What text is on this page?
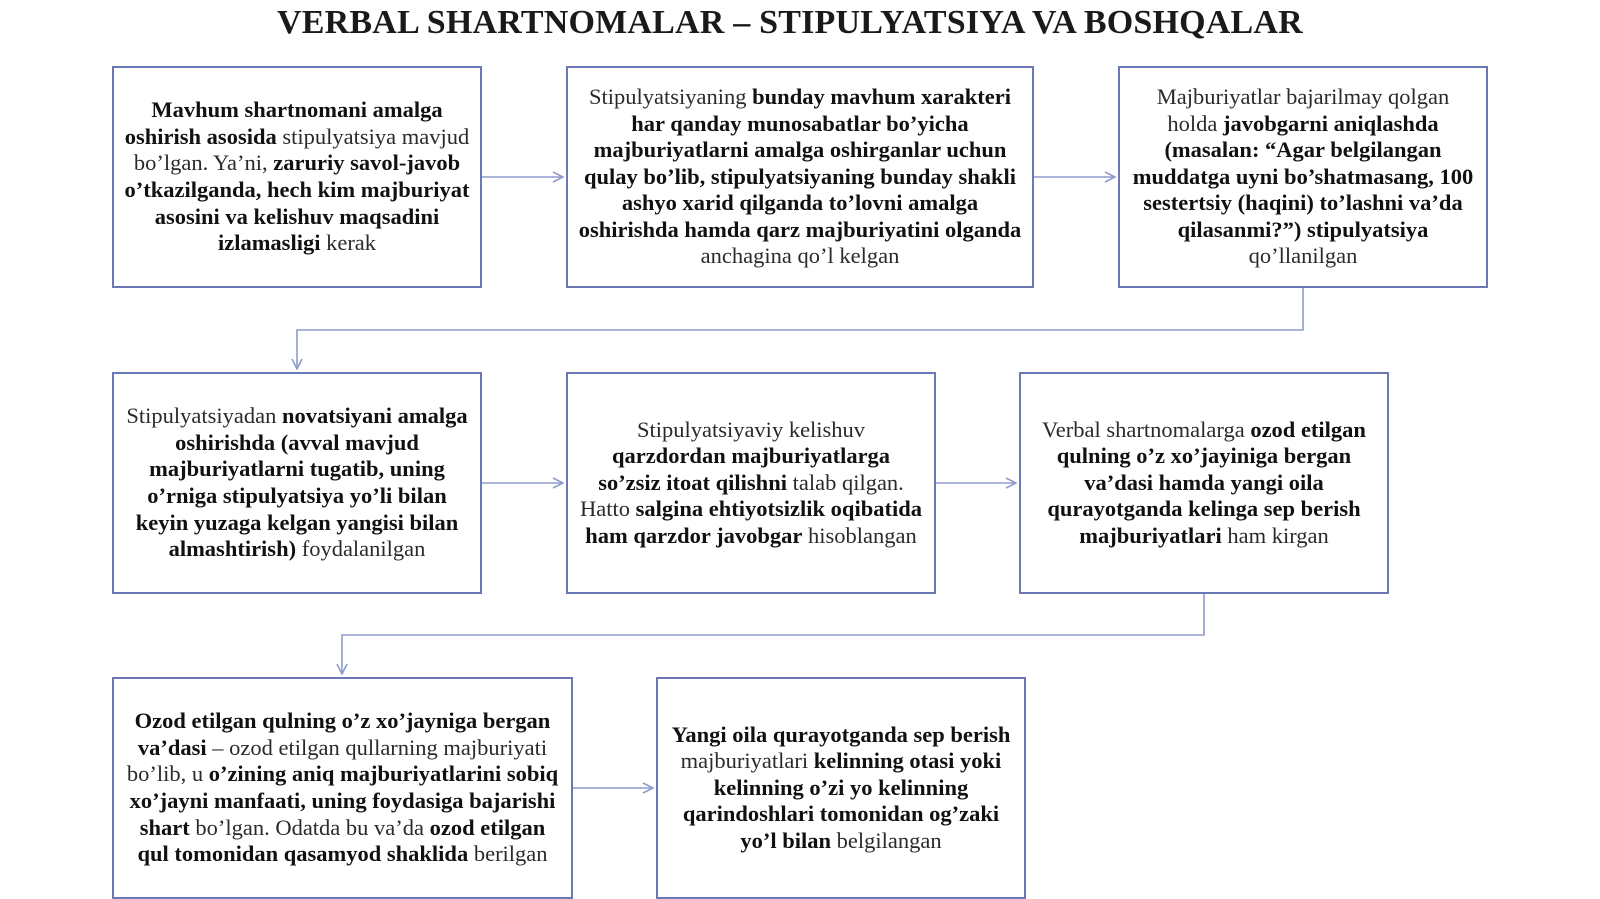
VERBAL SHARTNOMALAR – STIPULYATSIYA VA BOSHQALAR

Mavhum shartnomani amalga oshirish asosida stipulyatsiya mavjud bo’lgan. Ya’ni, zaruriy savol-javob o’tkazilganda, hech kim majburiyat asosini va kelishuv maqsadini izlamasligi kerak

Stipulyatsiyaning bunday mavhum xarakteri har qanday munosabatlar bo’yicha majburiyatlarni amalga oshirganlar uchun qulay bo’lib, stipulyatsiyaning bunday shakli ashyo xarid qilganda to’lovni amalga oshirishda hamda qarz majburiyatini olganda anchagina qo’l kelgan

Majburiyatlar bajarilmay qolgan holda javobgarni aniqlashda (masalan: “Agar belgilangan muddatga uyni bo’shatmasang, 100 sestertsiy (haqini) to’lashni va’da qilasanmi?”) stipulyatsiya qo’llanilgan

Stipulyatsiyadan novatsiyani amalga oshirishda (avval mavjud majburiyatlarni tugatib, uning o’rniga stipulyatsiya yo’li bilan keyin yuzaga kelgan yangisi bilan almashtirish) foydalanilgan

Stipulyatsiyaviy kelishuv qarzdordan majburiyatlarga so’zsiz itoat qilishni talab qilgan. Hatto salgina ehtiyotsizlik oqibatida ham qarzdor javobgar hisoblangan

Verbal shartnomalarga ozod etilgan qulning o’z xo’jayiniga bergan va’dasi hamda yangi oila qurayotganda kelinga sep berish majburiyatlari ham kirgan

Ozod etilgan qulning o’z xo’jayniga bergan va’dasi – ozod etilgan qullarning majburiyati bo’lib, u o’zining aniq majburiyatlarini sobiq xo’jayni manfaati, uning foydasiga bajarishi shart bo’lgan. Odatda bu va’da ozod etilgan qul tomonidan qasamyod shaklida berilgan

Yangi oila qurayotganda sep berish majburiyatlari kelinning otasi yoki kelinning o’zi yo kelinning qarindoshlari tomonidan og’zaki yo’l bilan belgilangan
